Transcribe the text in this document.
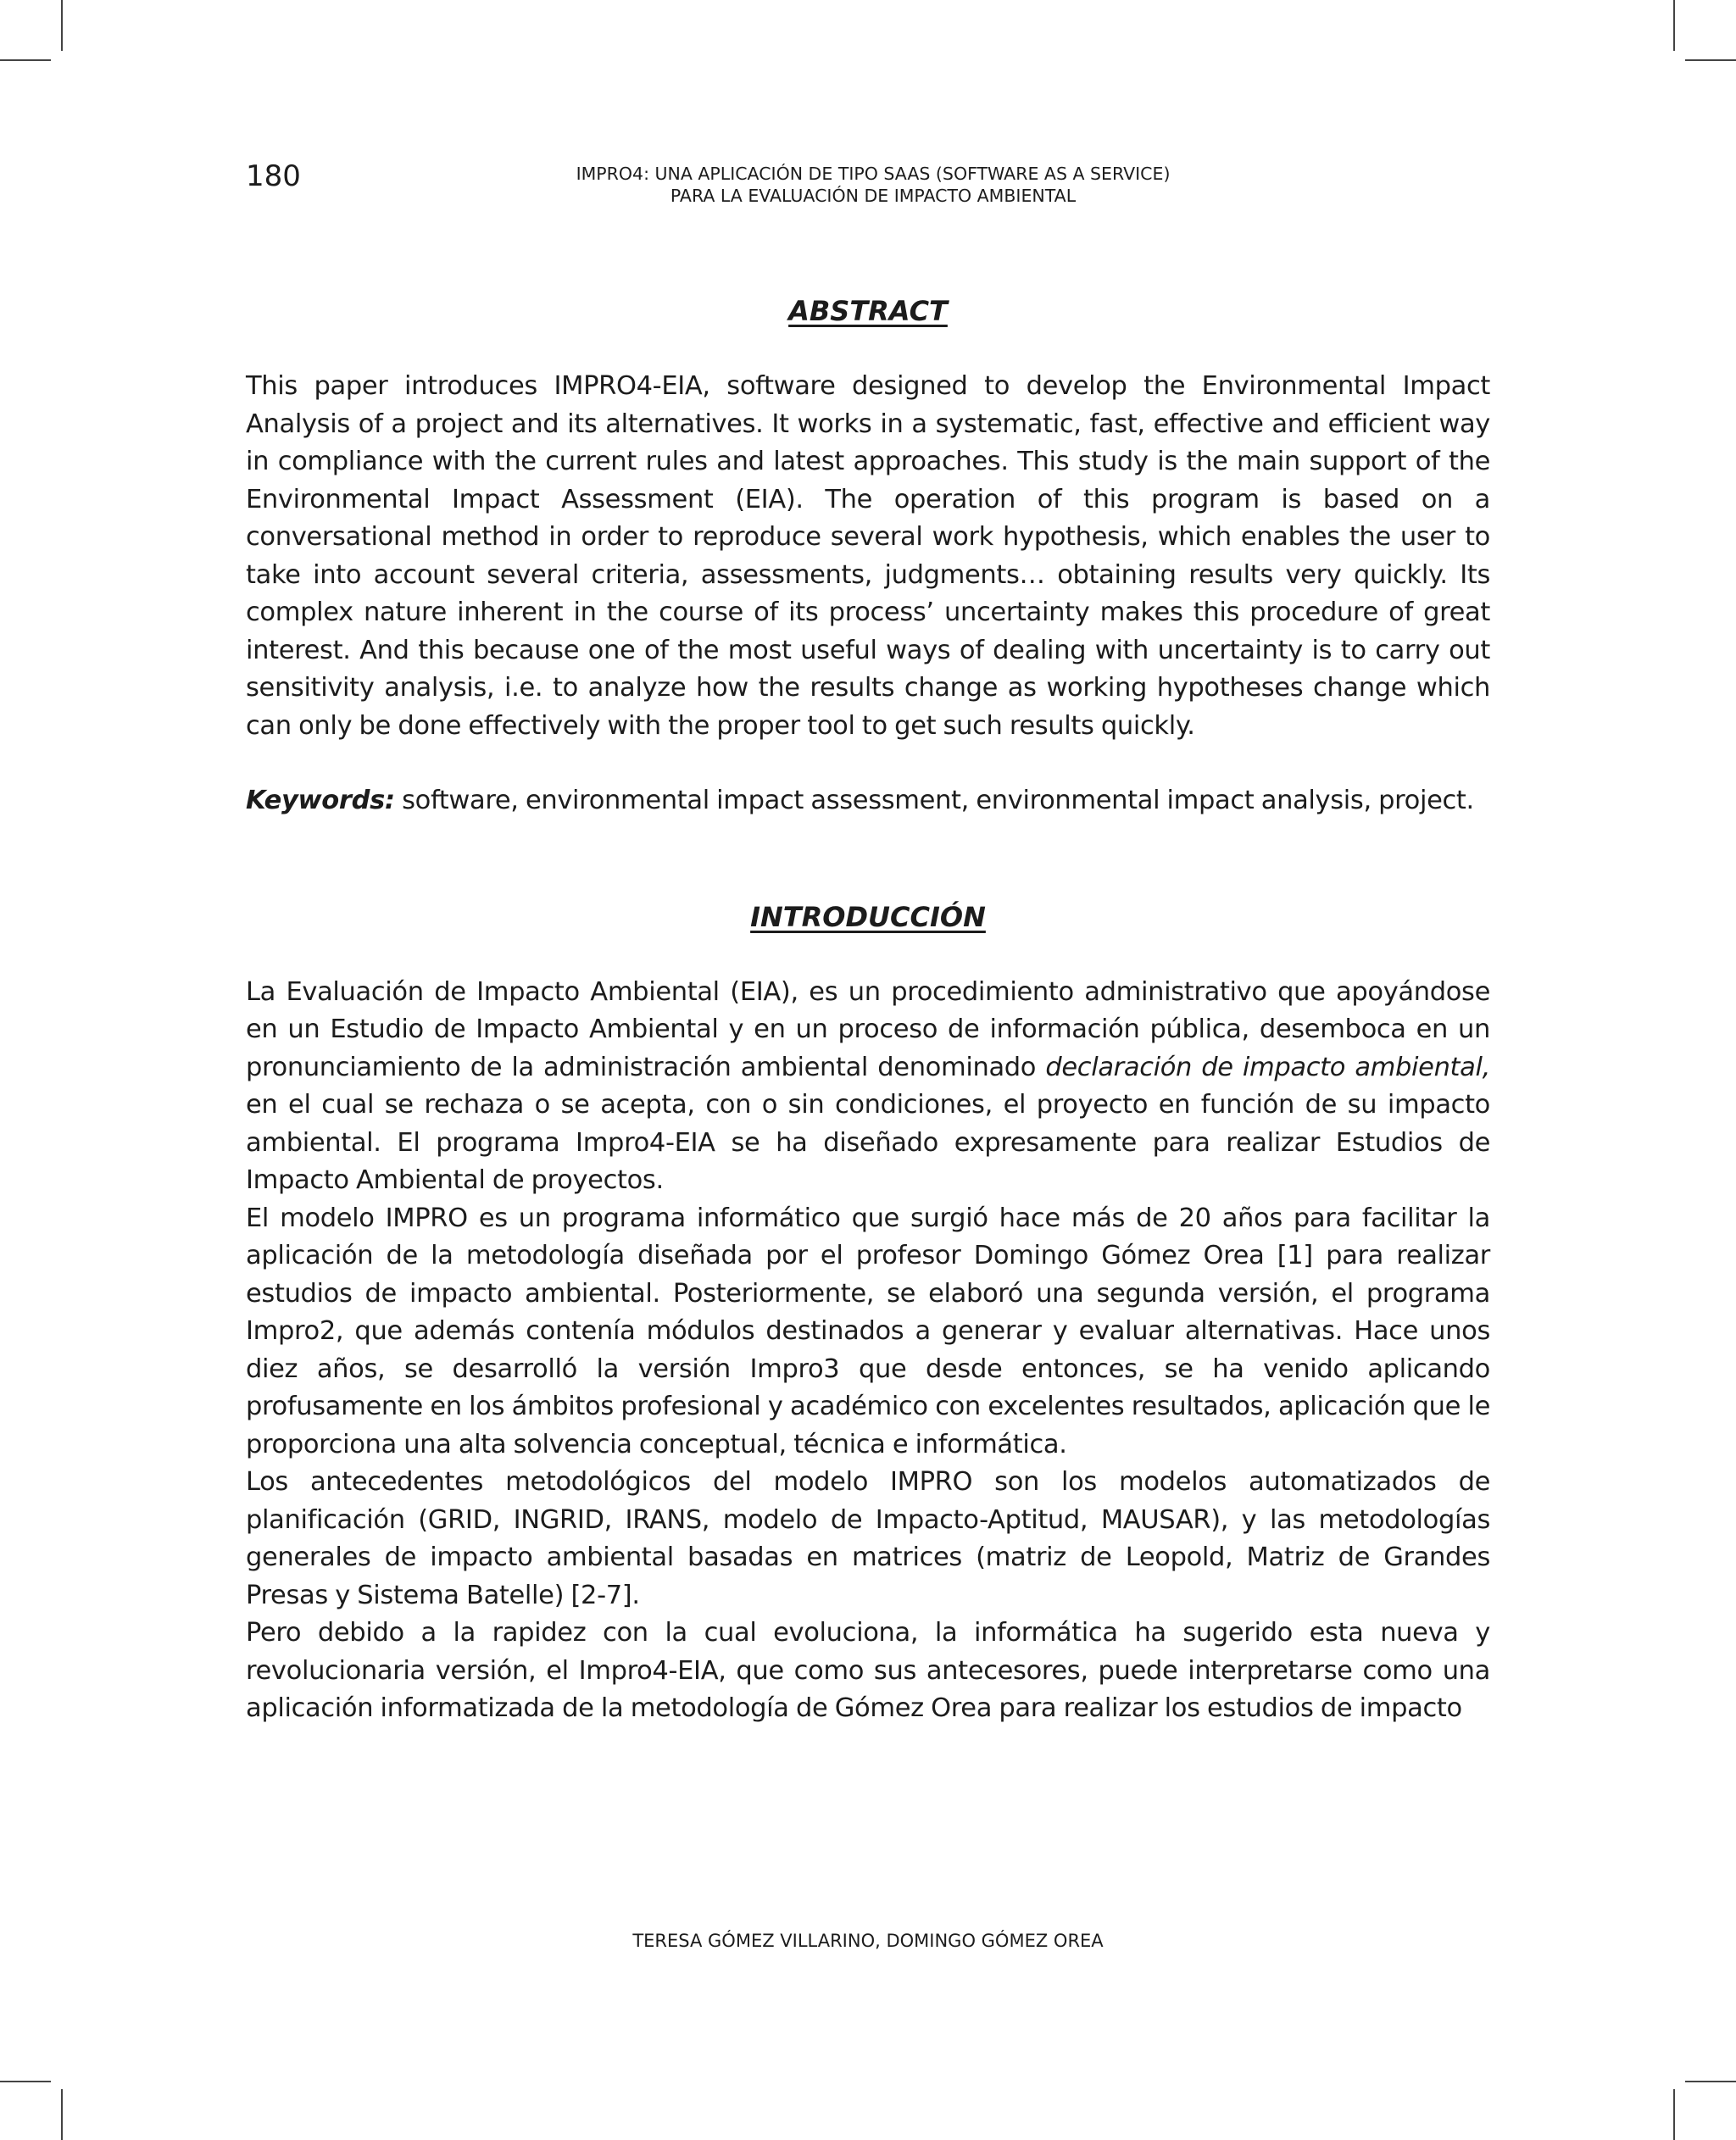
180	IMPRO4: UNA APLICACIÓN DE TIPO SAAS (SOFTWARE AS A SERVICE)
PARA LA EVALUACIÓN DE IMPACTO AMBIENTAL
ABSTRACT

This paper introduces IMPRO4-EIA, software designed to develop the Environmental Impact Analysis of a project and its alternatives. It works in a systematic, fast, effective and efficient way in compliance with the current rules and latest approaches. This study is the main support of the Environmental Impact Assessment (EIA). The operation of this program is based on a conversational method in order to reproduce several work hypothesis, which enables the user to take into account several criteria, assessments, judgments… obtaining results very quickly. Its complex nature inherent in the course of its process’ uncertainty makes this procedure of great interest. And this because one of the most useful ways of dealing with uncertainty is to carry out sensitivity analysis, i.e. to analyze how the results change as working hypotheses change which can only be done effectively with the proper tool to get such results quickly.

Keywords: software, environmental impact assessment, environmental impact analysis, project.

INTRODUCCIÓN

La Evaluación de Impacto Ambiental (EIA), es un procedimiento administrativo que apoyándose en un Estudio de Impacto Ambiental y en un proceso de información pública, desemboca en un pronunciamiento de la administración ambiental denominado declaración de impacto ambiental, en el cual se rechaza o se acepta, con o sin condiciones, el proyecto en función de su impacto ambiental. El programa Impro4-EIA se ha diseñado expresamente para realizar Estudios de Impacto Ambiental de proyectos.

El modelo IMPRO es un programa informático que surgió hace más de 20 años para facilitar la aplicación de la metodología diseñada por el profesor Domingo Gómez Orea [1] para realizar estudios de impacto ambiental. Posteriormente, se elaboró una segunda versión, el programa Impro2, que además contenía módulos destinados a generar y evaluar alternativas. Hace unos diez años, se desarrolló la versión Impro3 que desde entonces, se ha venido aplicando profusamente en los ámbitos profesional y académico con excelentes resultados, aplicación que le proporciona una alta solvencia conceptual, técnica e informática.

Los antecedentes metodológicos del modelo IMPRO son los modelos automatizados de planificación (GRID, INGRID, IRANS, modelo de Impacto-Aptitud, MAUSAR), y las metodologías generales de impacto ambiental basadas en matrices (matriz de Leopold, Matriz de Grandes Presas y Sistema Batelle) [2-7].

Pero debido a la rapidez con la cual evoluciona, la informática ha sugerido esta nueva y revolucionaria versión, el Impro4-EIA, que como sus antecesores, puede interpretarse como una aplicación informatizada de la metodología de Gómez Orea para realizar los estudios de impacto

TERESA GÓMEZ VILLARINO, DOMINGO GÓMEZ OREA
